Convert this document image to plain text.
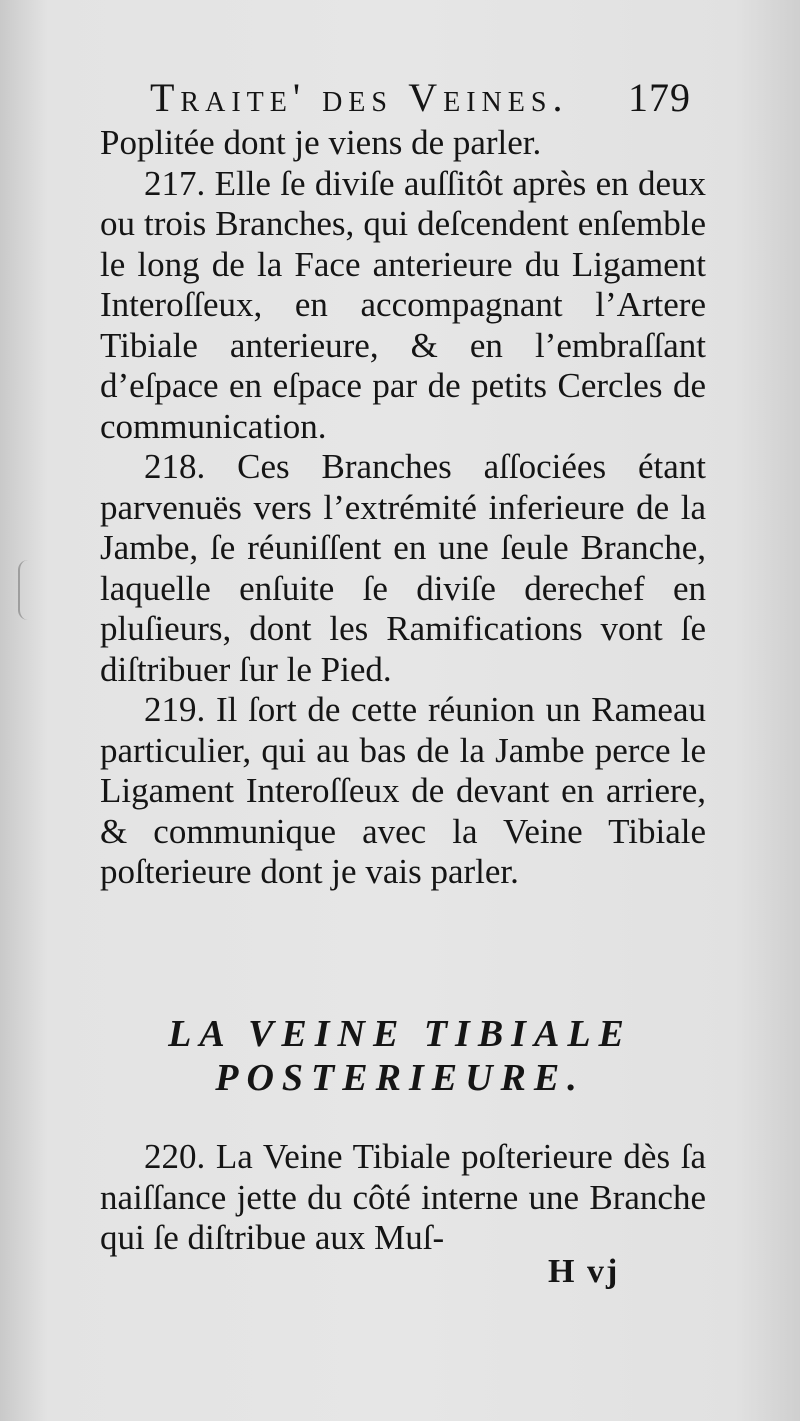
Traite' des Veines. 179

Poplitée dont je viens de parler.

217. Elle ſe diviſe auſſitôt après en deux ou trois Branches, qui deſcendent enſemble le long de la Face anterieure du Ligament Interoſſeux, en accompagnant l’Artere Tibiale anterieure, & en l’embraſſant d’eſpace en eſpace par de petits Cercles de communication.

218. Ces Branches aſſociées étant parvenuës vers l’extrémité inferieure de la Jambe, ſe réuniſſent en une ſeule Branche, laquelle enſuite ſe diviſe derechef en pluſieurs, dont les Ramifications vont ſe diſtribuer ſur le Pied.

219. Il ſort de cette réunion un Rameau particulier, qui au bas de la Jambe perce le Ligament Interoſſeux de devant en arriere, & communique avec la Veine Tibiale poſterieure dont je vais parler.

LA VEINE TIBIALE
POSTERIEURE.

220. La Veine Tibiale poſterieure dès ſa naiſſance jette du côté interne une Branche qui ſe diſtribue aux Muſ-

H vj
